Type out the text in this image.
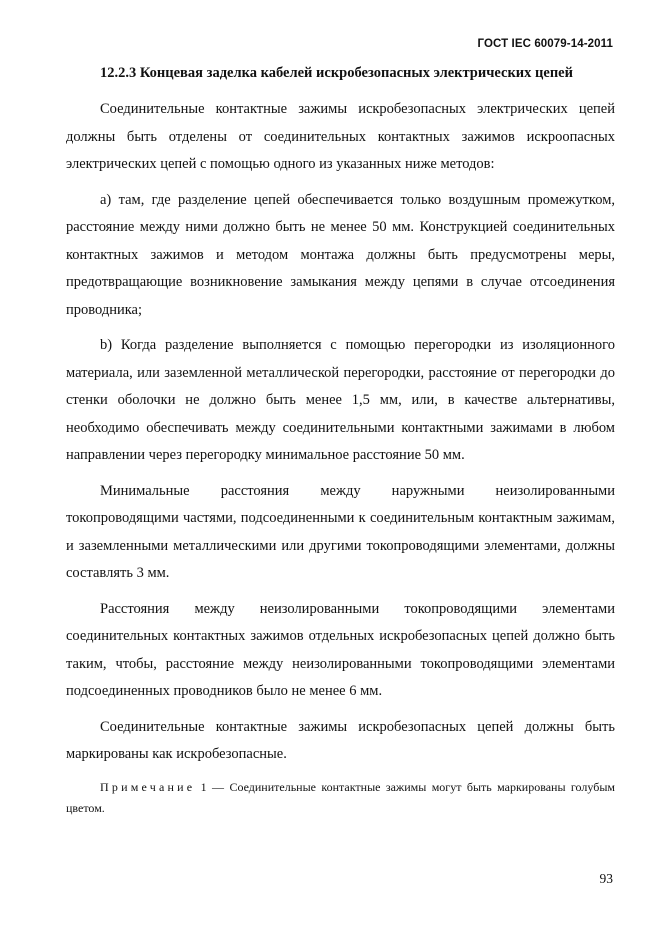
ГОСТ IEC 60079-14-2011
12.2.3 Концевая заделка кабелей искробезопасных электрических цепей

Соединительные контактные зажимы искробезопасных электрических цепей должны быть отделены от соединительных контактных зажимов искроопасных электрических цепей с помощью одного из указанных ниже методов:

a) там, где разделение цепей обеспечивается только воздушным промежутком, расстояние между ними должно быть не менее 50 мм. Конструкцией соединительных контактных зажимов и методом монтажа должны быть предусмотрены меры, предотвращающие возникновение замыкания между цепями в случае отсоединения проводника;

b) Когда разделение выполняется с помощью перегородки из изоляционного материала, или заземленной металлической перегородки, расстояние от перегородки до стенки оболочки не должно быть менее 1,5 мм, или, в качестве альтернативы, необходимо обеспечивать между соединительными контактными зажимами в любом направлении через перегородку минимальное расстояние 50 мм.

Минимальные расстояния между наружными неизолированными токопроводящими частями, подсоединенными к соединительным контактным зажимам, и заземленными металлическими или другими токопроводящими элементами, должны составлять 3 мм.

Расстояния между неизолированными токопроводящими элементами соединительных контактных зажимов отдельных искробезопасных цепей должно быть таким, чтобы, расстояние между неизолированными токопроводящими элементами подсоединенных проводников было не менее 6 мм.

Соединительные контактные зажимы искробезопасных цепей должны быть маркированы как искробезопасные.

Примечание 1 — Соединительные контактные зажимы могут быть маркированы голубым цветом.

93
